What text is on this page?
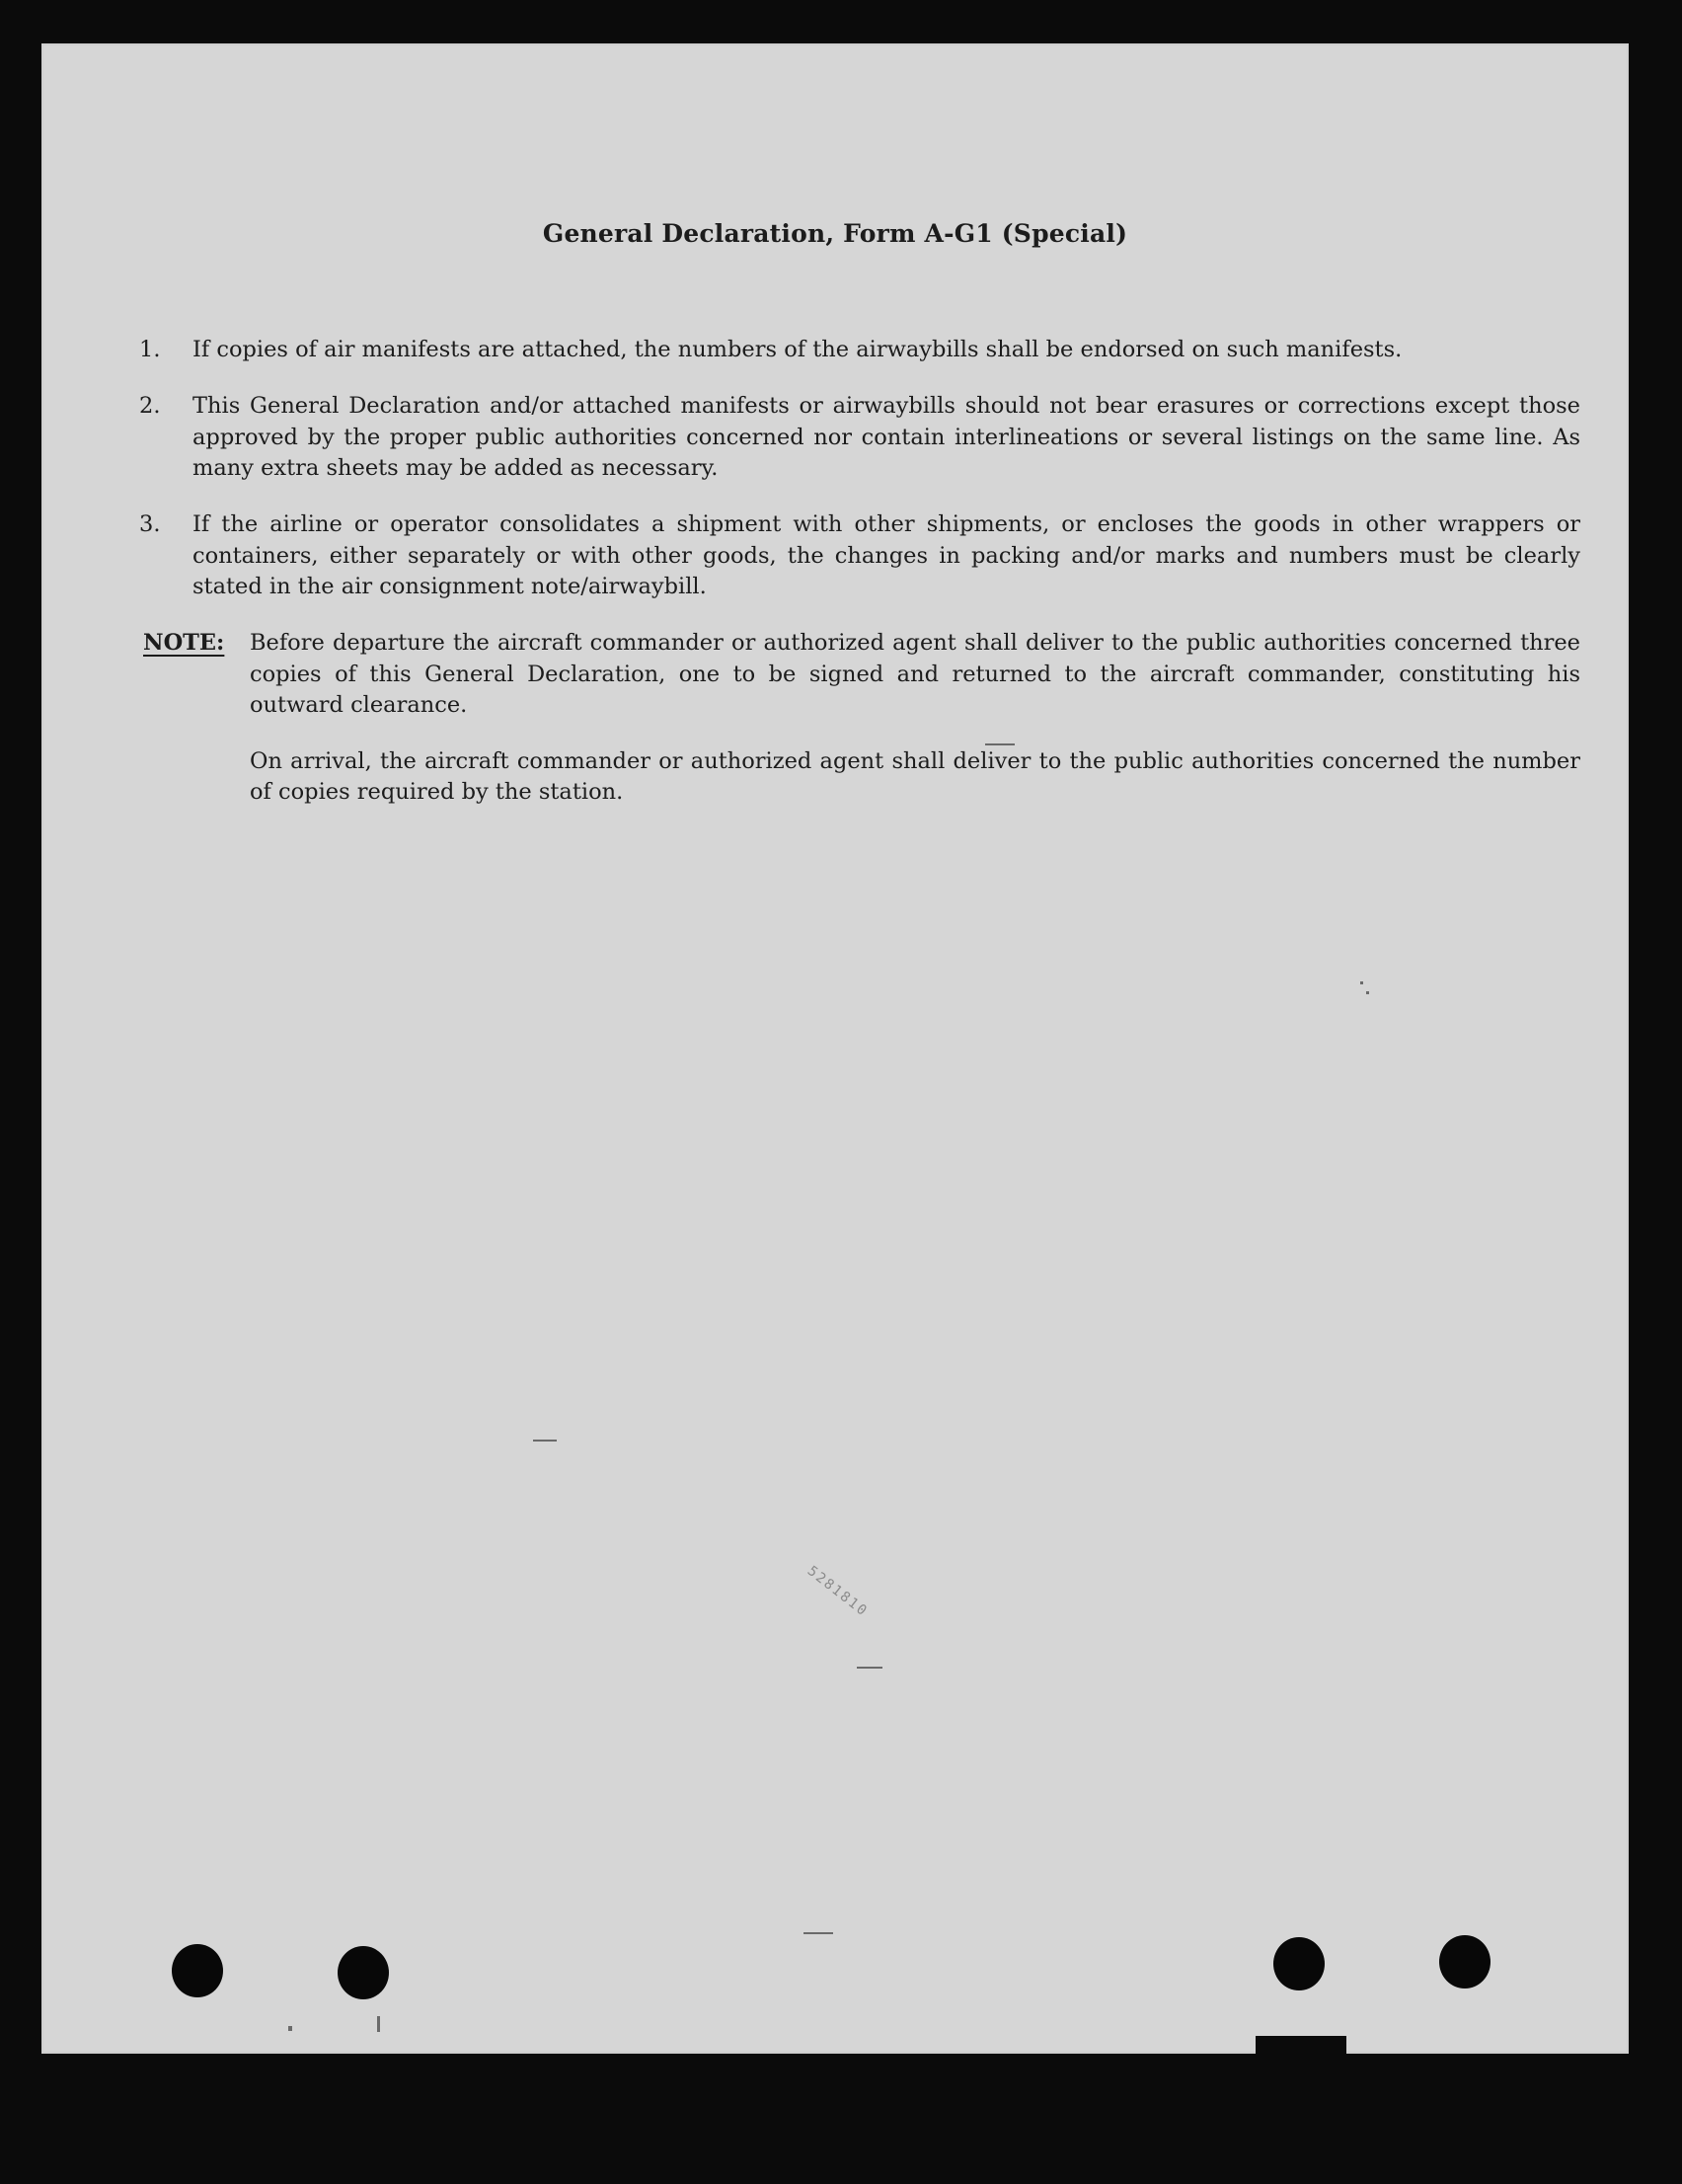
General Declaration, Form A-G1 (Special)
1.	If copies of air manifests are attached, the numbers of the airwaybills shall be endorsed on such manifests.
2.	This General Declaration and/or attached manifests or airwaybills should not bear erasures or corrections except those approved by the proper public authorities concerned nor contain interlineations or several listings on the same line. As many extra sheets may be added as necessary.
3.	If the airline or operator consolidates a shipment with other shipments, or encloses the goods in other wrappers or containers, either separately or with other goods, the changes in packing and/or marks and numbers must be clearly stated in the air consignment note/airwaybill.
NOTE: Before departure the aircraft commander or authorized agent shall deliver to the public authorities concerned three copies of this General Declaration, one to be signed and returned to the aircraft commander, constituting his outward clearance.
On arrival, the aircraft commander or authorized agent shall deliver to the public authorities concerned the number of copies required by the station.
5281810
